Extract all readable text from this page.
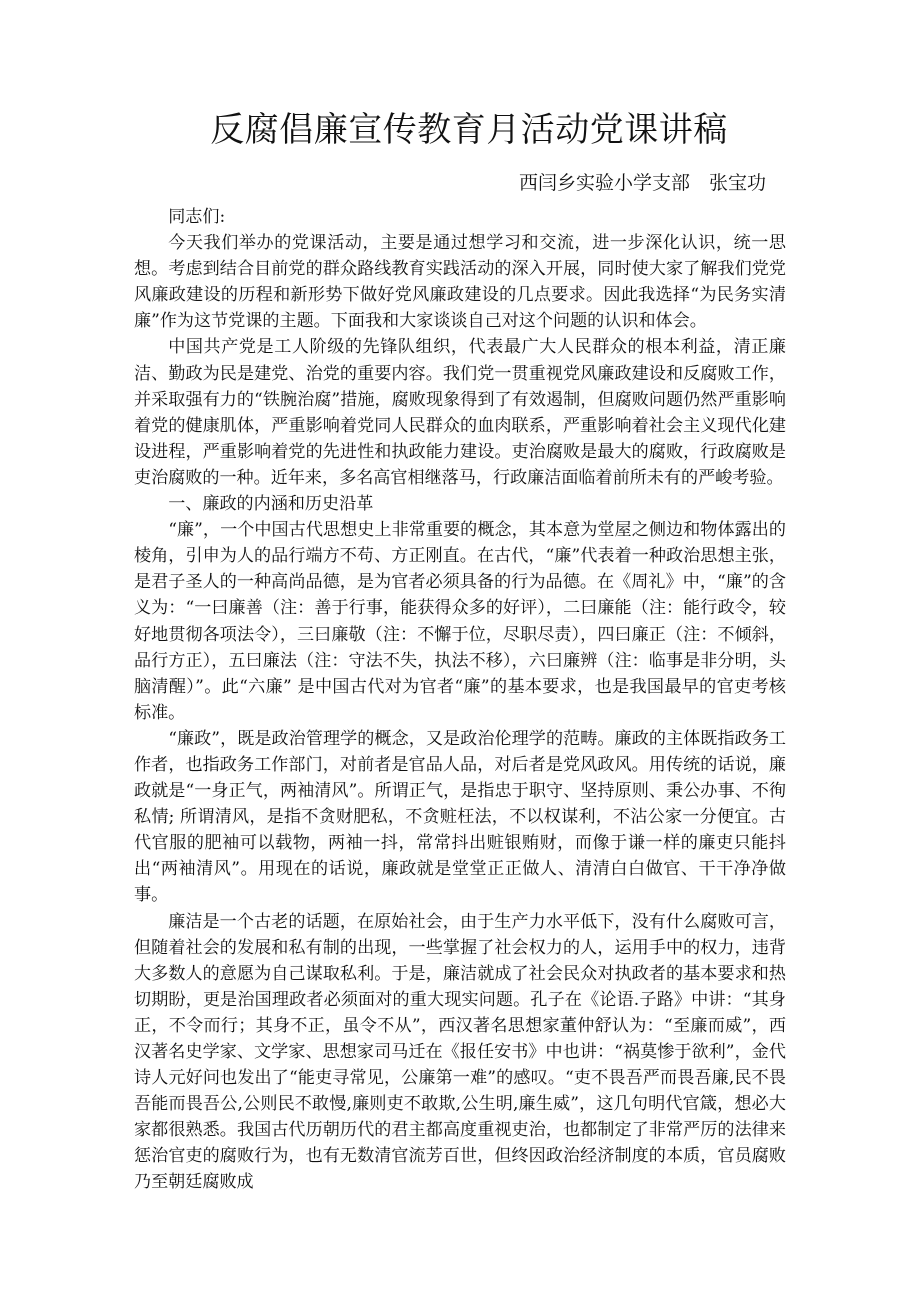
反腐倡廉宣传教育月活动党课讲稿
西闫乡实验小学支部　张宝功

同志们:

今天我们举办的党课活动，主要是通过想学习和交流，进一步深化认识，统一思想。考虑到结合目前党的群众路线教育实践活动的深入开展，同时使大家了解我们党党风廉政建设的历程和新形势下做好党风廉政建设的几点要求。因此我选择“为民务实清廉”作为这节党课的主题。下面我和大家谈谈自己对这个问题的认识和体会。

中国共产党是工人阶级的先锋队组织，代表最广大人民群众的根本利益，清正廉洁、勤政为民是建党、治党的重要内容。我们党一贯重视党风廉政建设和反腐败工作，并采取强有力的“铁腕治腐”措施，腐败现象得到了有效遏制，但腐败问题仍然严重影响着党的健康肌体，严重影响着党同人民群众的血肉联系，严重影响着社会主义现代化建设进程，严重影响着党的先进性和执政能力建设。吏治腐败是最大的腐败，行政腐败是吏治腐败的一种。近年来，多名高官相继落马，行政廉洁面临着前所未有的严峻考验。

一、廉政的内涵和历史沿革

“廉”，一个中国古代思想史上非常重要的概念，其本意为堂屋之侧边和物体露出的棱角，引申为人的品行端方不苟、方正刚直。在古代，“廉”代表着一种政治思想主张，是君子圣人的一种高尚品德，是为官者必须具备的行为品德。在《周礼》中，“廉”的含义为：“一曰廉善（注：善于行事，能获得众多的好评），二曰廉能（注：能行政令，较好地贯彻各项法令），三曰廉敬（注：不懈于位，尽职尽责），四曰廉正（注：不倾斜，品行方正），五曰廉法（注：守法不失，执法不移），六曰廉辨（注：临事是非分明，头脑清醒）”。此“六廉” 是中国古代对为官者“廉”的基本要求，也是我国最早的官吏考核标准。

“廉政”，既是政治管理学的概念，又是政治伦理学的范畴。廉政的主体既指政务工作者，也指政务工作部门，对前者是官品人品，对后者是党风政风。用传统的话说，廉政就是“一身正气，两袖清风”。所谓正气，是指忠于职守、坚持原则、秉公办事、不徇私情; 所谓清风，是指不贪财肥私，不贪赃枉法，不以权谋利，不沾公家一分便宜。古代官服的肥袖可以载物，两袖一抖，常常抖出赃银贿财，而像于谦一样的廉吏只能抖出“两袖清风”。用现在的话说，廉政就是堂堂正正做人、清清白白做官、干干净净做事。

廉洁是一个古老的话题，在原始社会，由于生产力水平低下，没有什么腐败可言，但随着社会的发展和私有制的出现，一些掌握了社会权力的人，运用手中的权力，违背大多数人的意愿为自己谋取私利。于是，廉洁就成了社会民众对执政者的基本要求和热切期盼，更是治国理政者必须面对的重大现实问题。孔子在《论语.子路》中讲：“其身正，不令而行；其身不正，虽令不从”，西汉著名思想家董仲舒认为：“至廉而威”，西汉著名史学家、文学家、思想家司马迁在《报任安书》中也讲：“祸莫惨于欲利”，金代诗人元好问也发出了“能吏寻常见，公廉第一难”的感叹。“吏不畏吾严而畏吾廉,民不畏吾能而畏吾公,公则民不敢慢,廉则吏不敢欺,公生明,廉生威”，这几句明代官箴，想必大家都很熟悉。我国古代历朝历代的君主都高度重视吏治，也都制定了非常严厉的法律来惩治官吏的腐败行为，也有无数清官流芳百世，但终因政治经济制度的本质，官员腐败乃至朝廷腐败成
